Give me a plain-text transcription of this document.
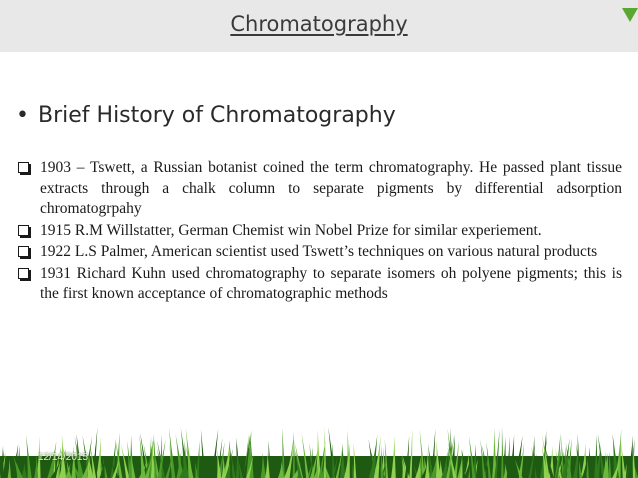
Chromatography
• Brief History of Chromatography
1903 – Tswett, a Russian botanist coined the term chromatography. He passed plant tissue extracts through a chalk column to separate pigments by differential adsorption chromatogrpahy
1915 R.M Willstatter, German Chemist win Nobel Prize for similar experiement.
1922 L.S Palmer, American scientist used Tswett’s techniques on various natural products
1931 Richard Kuhn used chromatography to separate isomers oh polyene pigments; this is the first known acceptance of chromatographic methods
12/14/2015
